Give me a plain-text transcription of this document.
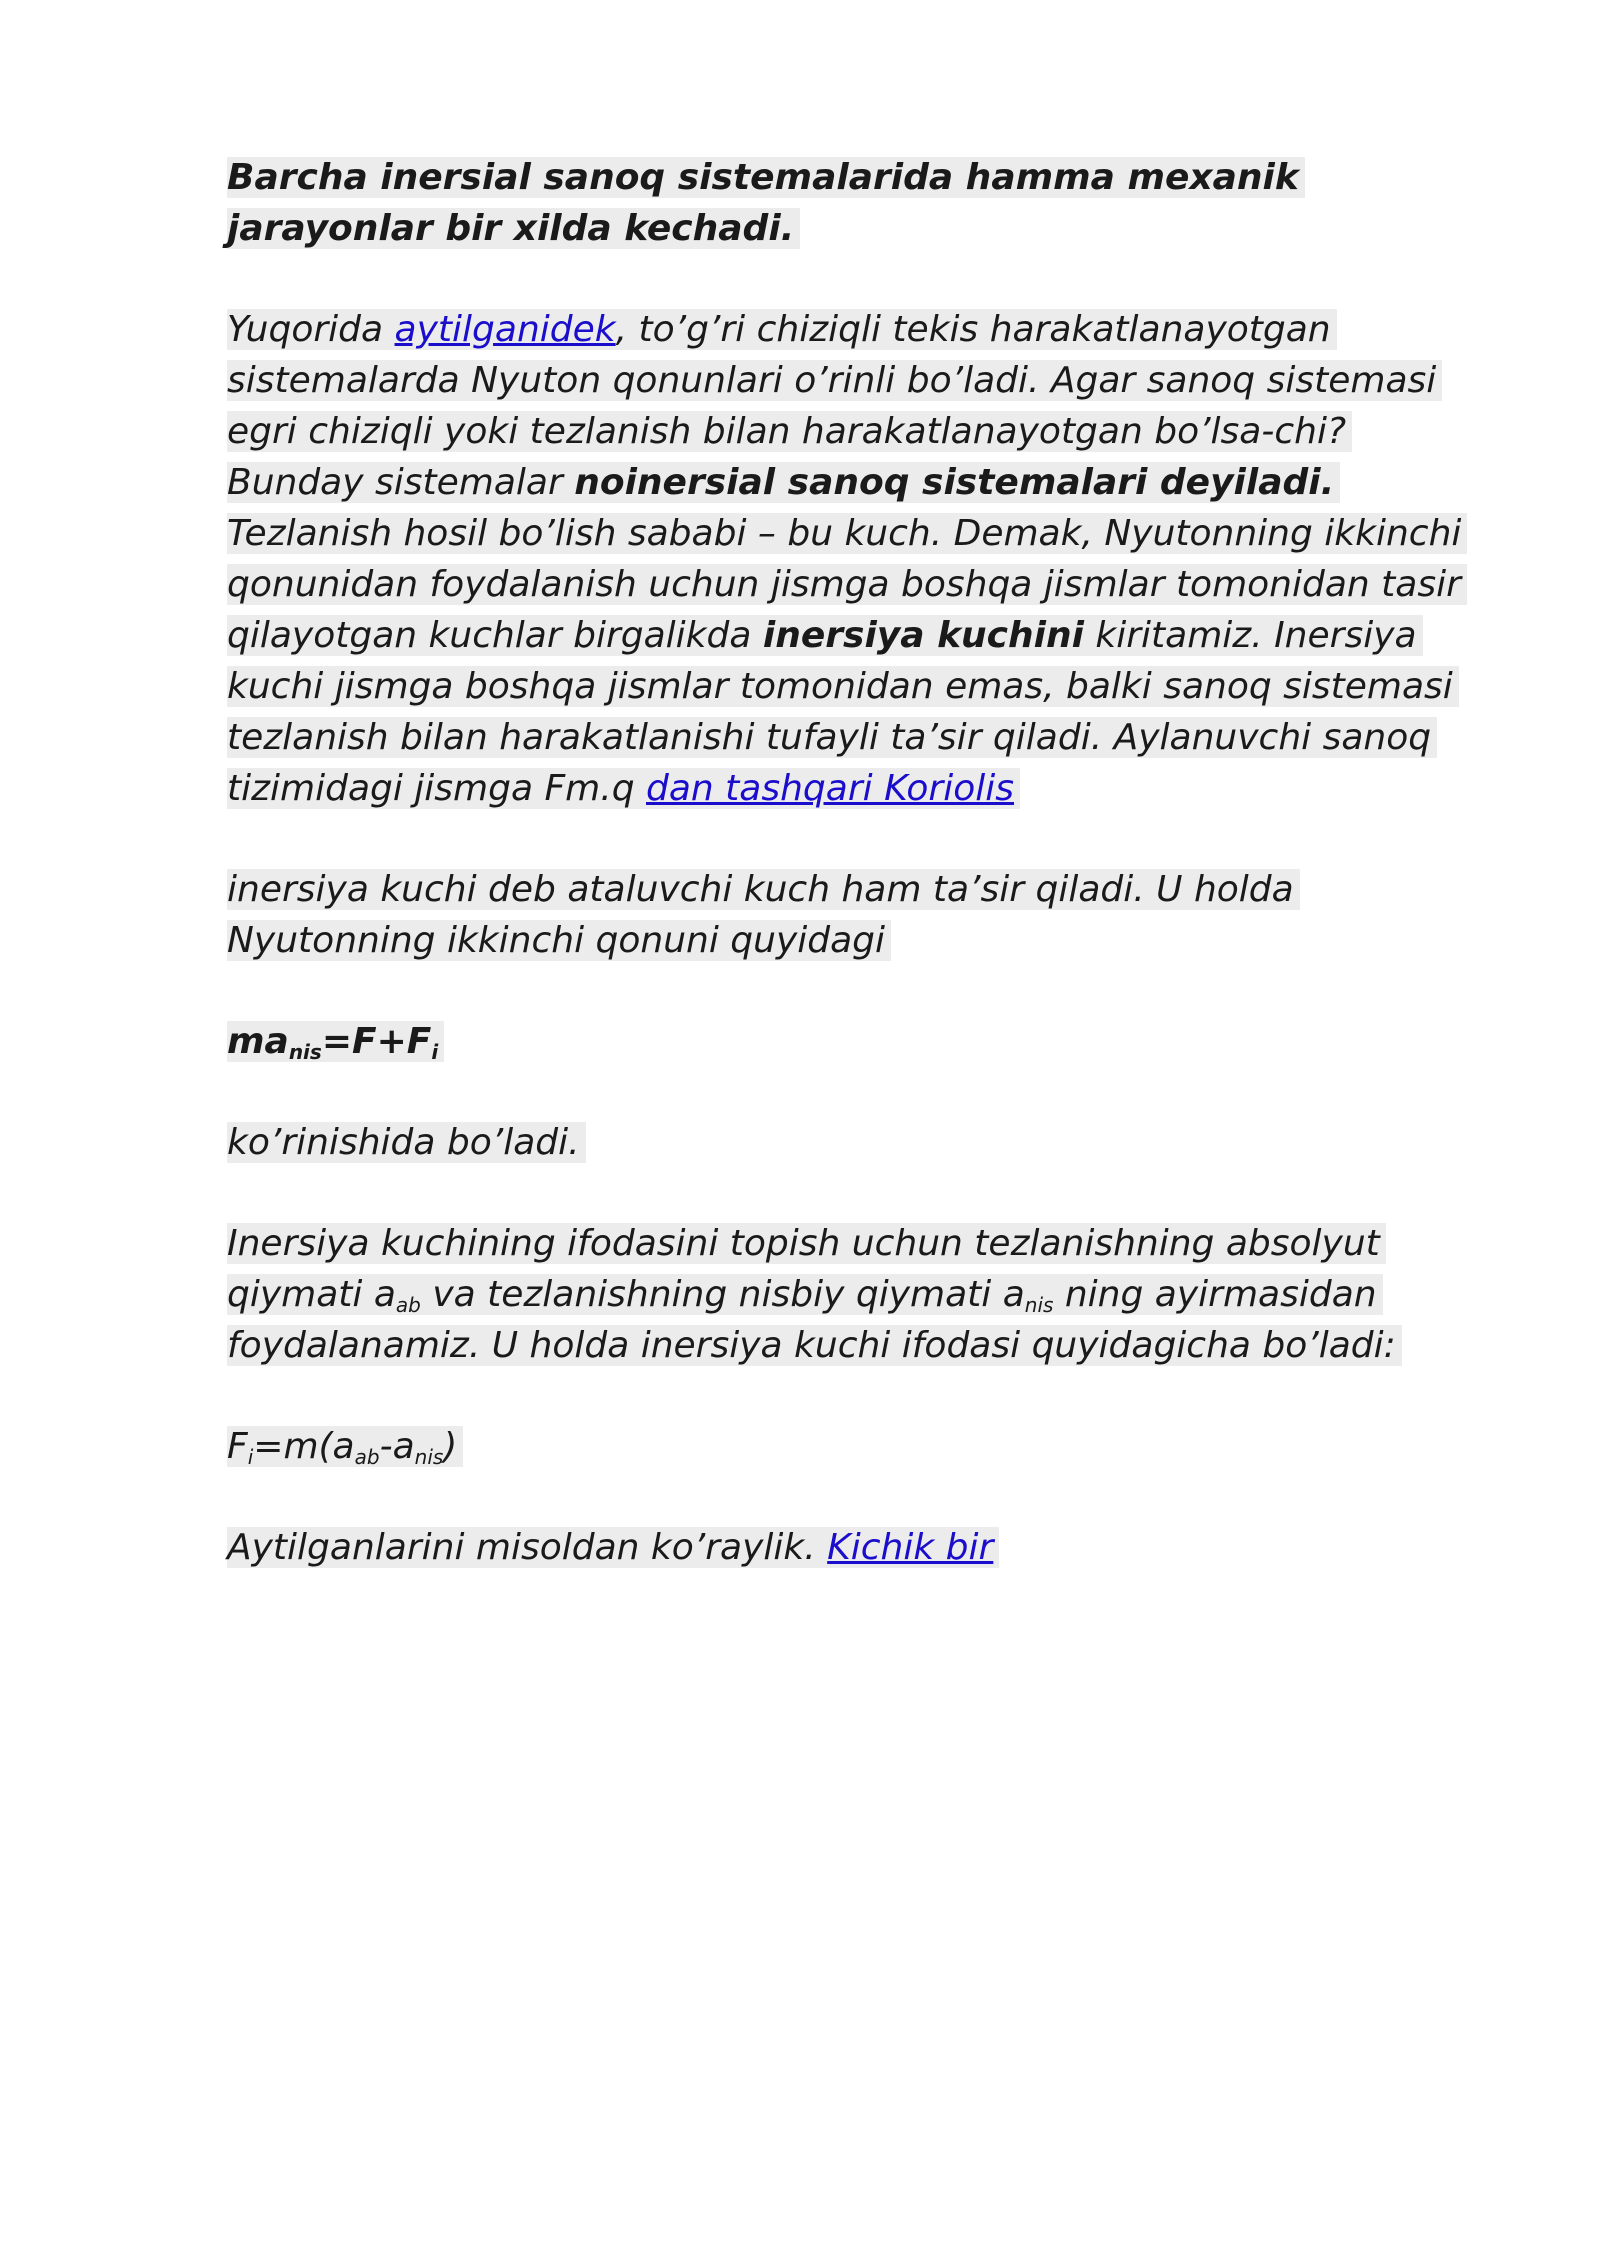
Barcha inersial sanoq sistemalarida hamma mexanik jarayonlar bir xilda kechadi.

Yuqorida aytilganidek, to’g’ri chiziqli tekis harakatlanayotgan sistemalarda Nyuton qonunlari o’rinli bo’ladi. Agar sanoq sistemasi egri chiziqli yoki tezlanish bilan harakatlanayotgan bo’lsa-chi?Bunday sistemalar noinersial sanoq sistemalari deyiladi. Tezlanish hosil bo’lish sababi – bu kuch. Demak, Nyutonning ikkinchi qonunidan foydalanish uchun jismga boshqa jismlar tomonidan tasir qilayotgan kuchlar birgalikda inersiya kuchini kiritamiz. Inersiya kuchi jismga boshqa jismlar tomonidan emas, balki sanoq sistemasi tezlanish bilan harakatlanishi tufayli ta’sir qiladi. Aylanuvchi sanoq tizimidagi jismga Fm.q dan tashqari Koriolis

inersiya kuchi deb ataluvchi kuch ham ta’sir qiladi. U holda Nyutonning ikkinchi qonuni quyidagi

$ma_{nis}=F+F_i$

ko’rinishida bo’ladi.

Inersiya kuchining ifodasini topish uchun tezlanishning absolyut qiymati $a_{ab}$ va tezlanishning nisbiy qiymati $a_{nis}$ ning ayirmasidan foydalanamiz. U holda inersiya kuchi ifodasi quyidagicha bo’ladi:

$F_i=m(a_{ab}-a_{nis})$

Aytilganlarini misoldan ko’raylik. Kichik bir
